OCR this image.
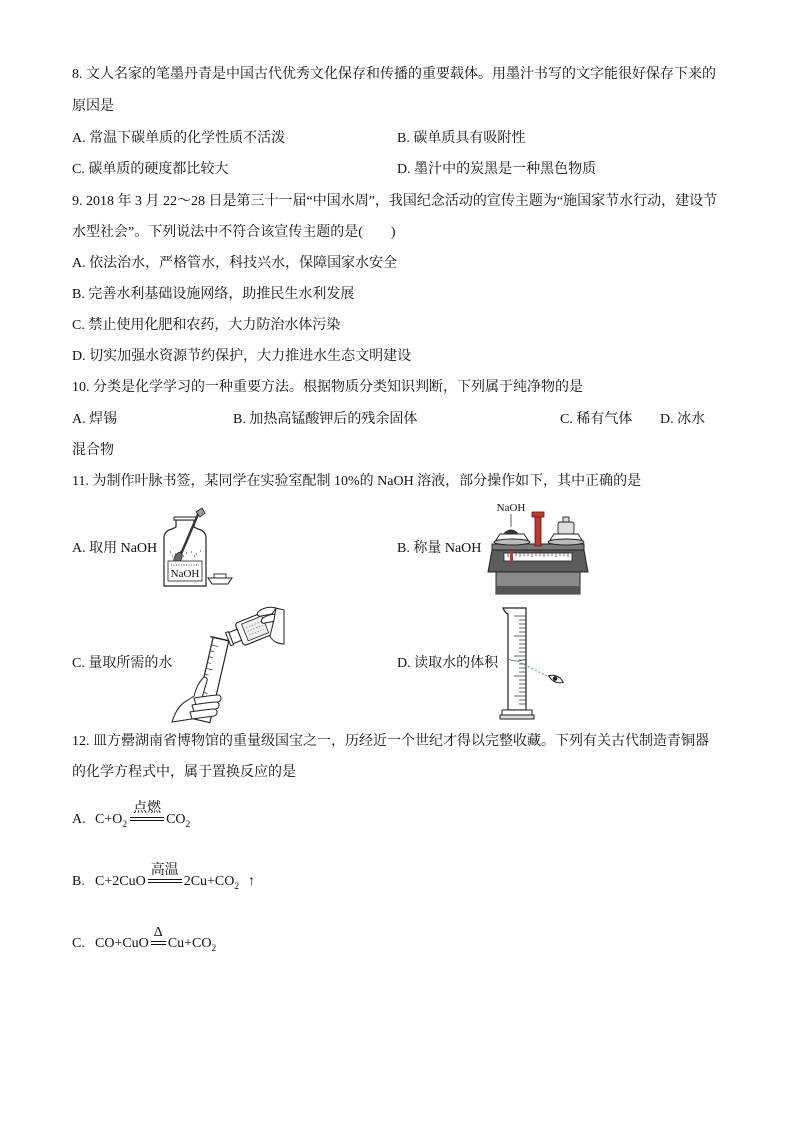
8. 文人名家的笔墨丹青是中国古代优秀文化保存和传播的重要载体。用墨汁书写的文字能很好保存下来的
原因是
A. 常温下碳单质的化学性质不活泼	B. 碳单质具有吸附性
C. 碳单质的硬度都比较大	D. 墨汁中的炭黑是一种黑色物质
9. 2018 年 3 月 22～28 日是第三十一届“中国水周”，我国纪念活动的宣传主题为“施国家节水行动，建设节
水型社会”。下列说法中不符合该宣传主题的是(　　)
A. 依法治水，严格管水，科技兴水，保障国家水安全
B. 完善水利基础设施网络，助推民生水利发展
C. 禁止使用化肥和农药，大力防治水体污染
D. 切实加强水资源节约保护，大力推进水生态文明建设
10. 分类是化学学习的一种重要方法。根据物质分类知识判断，下列属于纯净物的是
A. 焊锡	B. 加热高锰酸钾后的残余固体	C. 稀有气体 D. 冰水
混合物
11. 为制作叶脉书签，某同学在实验室配制 10%的 NaOH 溶液，部分操作如下，其中正确的是
A. 取用 NaOH	B. 称量 NaOH
C. 量取所需的水	D. 读取水的体积
NaOH
NaOH
12. 皿方罍湖南省博物馆的重量级国宝之一，历经近一个世纪才得以完整收藏。下列有关古代制造青铜器
的化学方程式中，属于置换反应的是
A. C+O 2
点燃
CO 2
B. C+2CuO
高温
2Cu+CO 2 ↑
C. CO+CuO
Δ
Cu+CO 2
